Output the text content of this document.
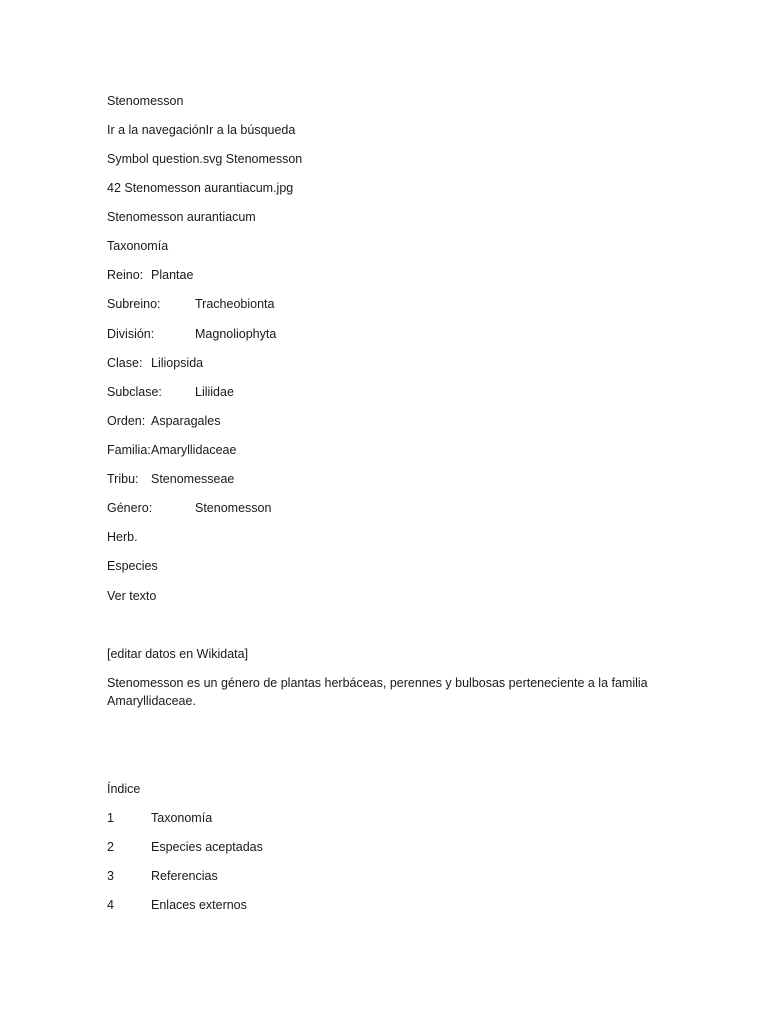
Stenomesson
Ir a la navegaciónIr a la búsqueda
Symbol question.svg Stenomesson
42 Stenomesson aurantiacum.jpg
Stenomesson aurantiacum
Taxonomía
Reino: Plantae
Subreino:	Tracheobionta
División:	Magnoliophyta
Clase: Liliopsida
Subclase:	Liliidae
Orden: Asparagales
Familia: Amaryllidaceae
Tribu: Stenomesseae
Género:	Stenomesson
Herb.
Especies
Ver texto
[editar datos en Wikidata]
Stenomesson es un género de plantas herbáceas, perennes y bulbosas perteneciente a la familia Amaryllidaceae.
Índice
1	Taxonomía
2	Especies aceptadas
3	Referencias
4	Enlaces externos
